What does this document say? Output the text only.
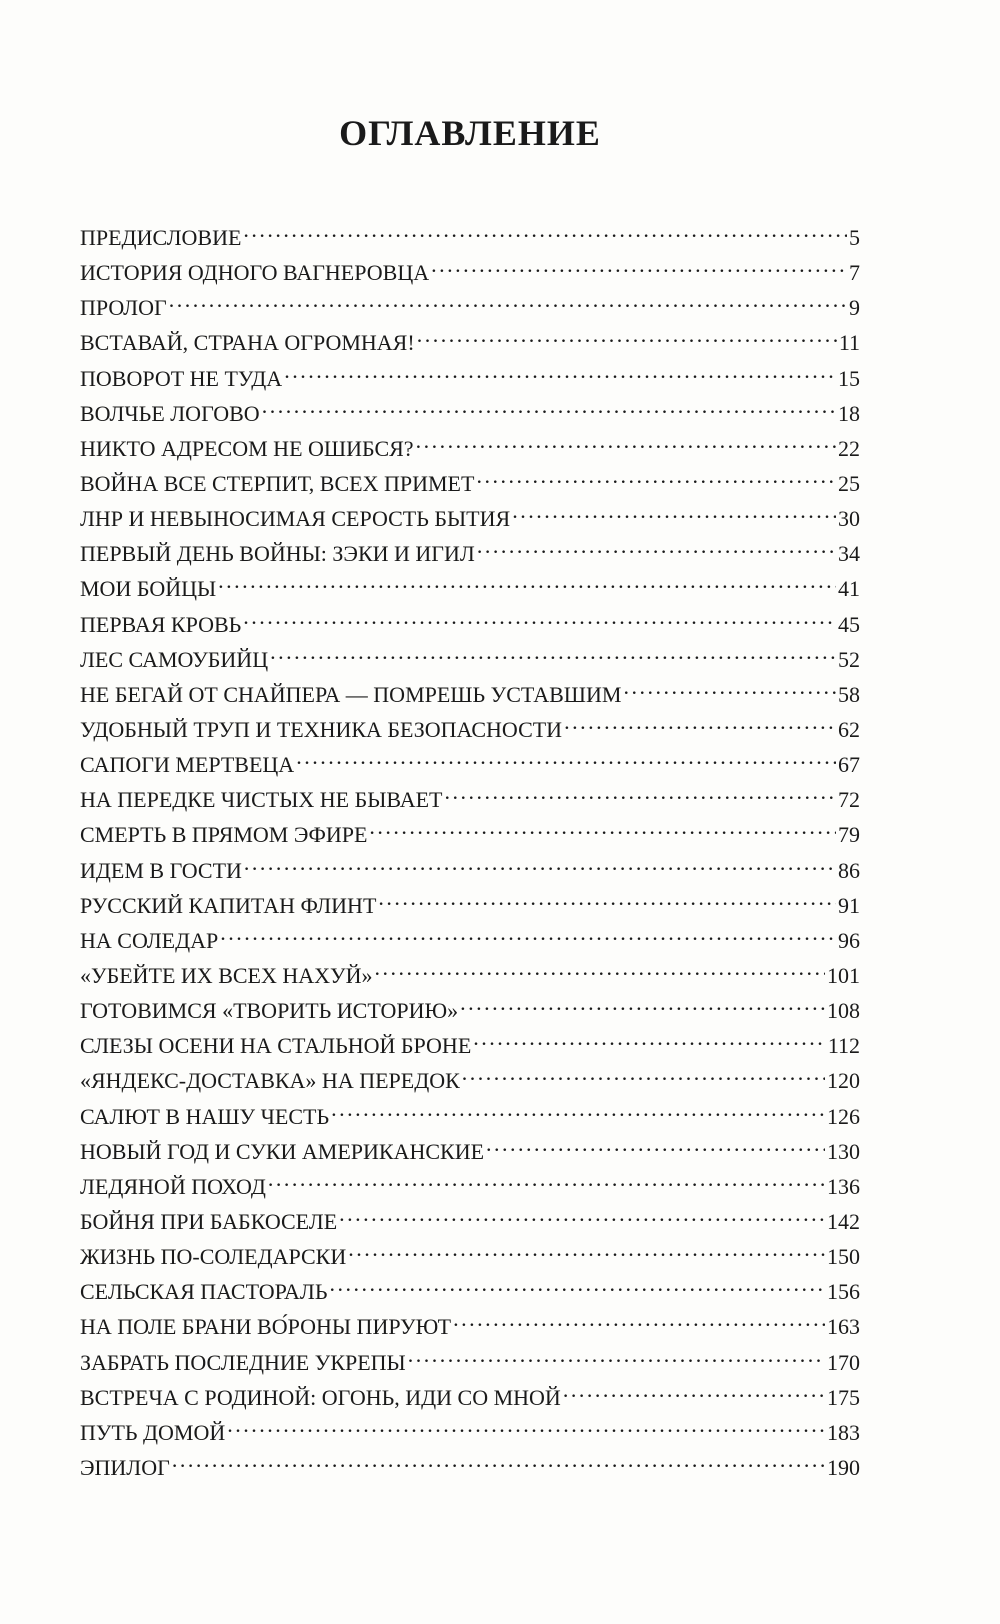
ОГЛАВЛЕНИЕ
ПРЕДИСЛОВИЕ . . .	5
ИСТОРИЯ ОДНОГО ВАГНЕРОВЦА . . .	7
ПРОЛОГ . . .	9
ВСТАВАЙ, СТРАНА ОГРОМНАЯ! . . .	11
ПОВОРОТ НЕ ТУДА . . .	15
ВОЛЧЬЕ ЛОГОВО . . .	18
НИКТО АДРЕСОМ НЕ ОШИБСЯ? . . .	22
ВОЙНА ВСЕ СТЕРПИТ, ВСЕХ ПРИМЕТ . . .	25
ЛНР И НЕВЫНОСИМАЯ СЕРОСТЬ БЫТИЯ . . .	30
ПЕРВЫЙ ДЕНЬ ВОЙНЫ: ЗЭКИ И ИГИЛ . . .	34
МОИ БОЙЦЫ . . .	41
ПЕРВАЯ КРОВЬ . . .	45
ЛЕС САМОУБИЙЦ . . .	52
НЕ БЕГАЙ ОТ СНАЙПЕРА — ПОМРЕШЬ УСТАВШИМ . . .	58
УДОБНЫЙ ТРУП И ТЕХНИКА БЕЗОПАСНОСТИ . . .	62
САПОГИ МЕРТВЕЦА . . .	67
НА ПЕРЕДКЕ ЧИСТЫХ НЕ БЫВАЕТ . . .	72
СМЕРТЬ В ПРЯМОМ ЭФИРЕ . . .	79
ИДЕМ В ГОСТИ . . .	86
РУССКИЙ КАПИТАН ФЛИНТ . . .	91
НА СОЛЕДАР . . .	96
«УБЕЙТЕ ИХ ВСЕХ НАХУЙ» . . .	101
ГОТОВИМСЯ «ТВОРИТЬ ИСТОРИЮ» . . .	108
СЛЕЗЫ ОСЕНИ НА СТАЛЬНОЙ БРОНЕ . . .	112
«ЯНДЕКС-ДОСТАВКА» НА ПЕРЕДОК . . .	120
САЛЮТ В НАШУ ЧЕСТЬ . . .	126
НОВЫЙ ГОД И СУКИ АМЕРИКАНСКИЕ . . .	130
ЛЕДЯНОЙ ПОХОД . . .	136
БОЙНЯ ПРИ БАБКОСЕЛЕ . . .	142
ЖИЗНЬ ПО-СОЛЕДАРСКИ . . .	150
СЕЛЬСКАЯ ПАСТОРАЛЬ . . .	156
НА ПОЛЕ БРАНИ ВО́РОНЫ ПИРУЮТ . . .	163
ЗАБРАТЬ ПОСЛЕДНИЕ УКРЕПЫ . . .	170
ВСТРЕЧА С РОДИНОЙ: ОГОНЬ, ИДИ СО МНОЙ . . .	175
ПУТЬ ДОМОЙ . . .	183
ЭПИЛОГ . . .	190
